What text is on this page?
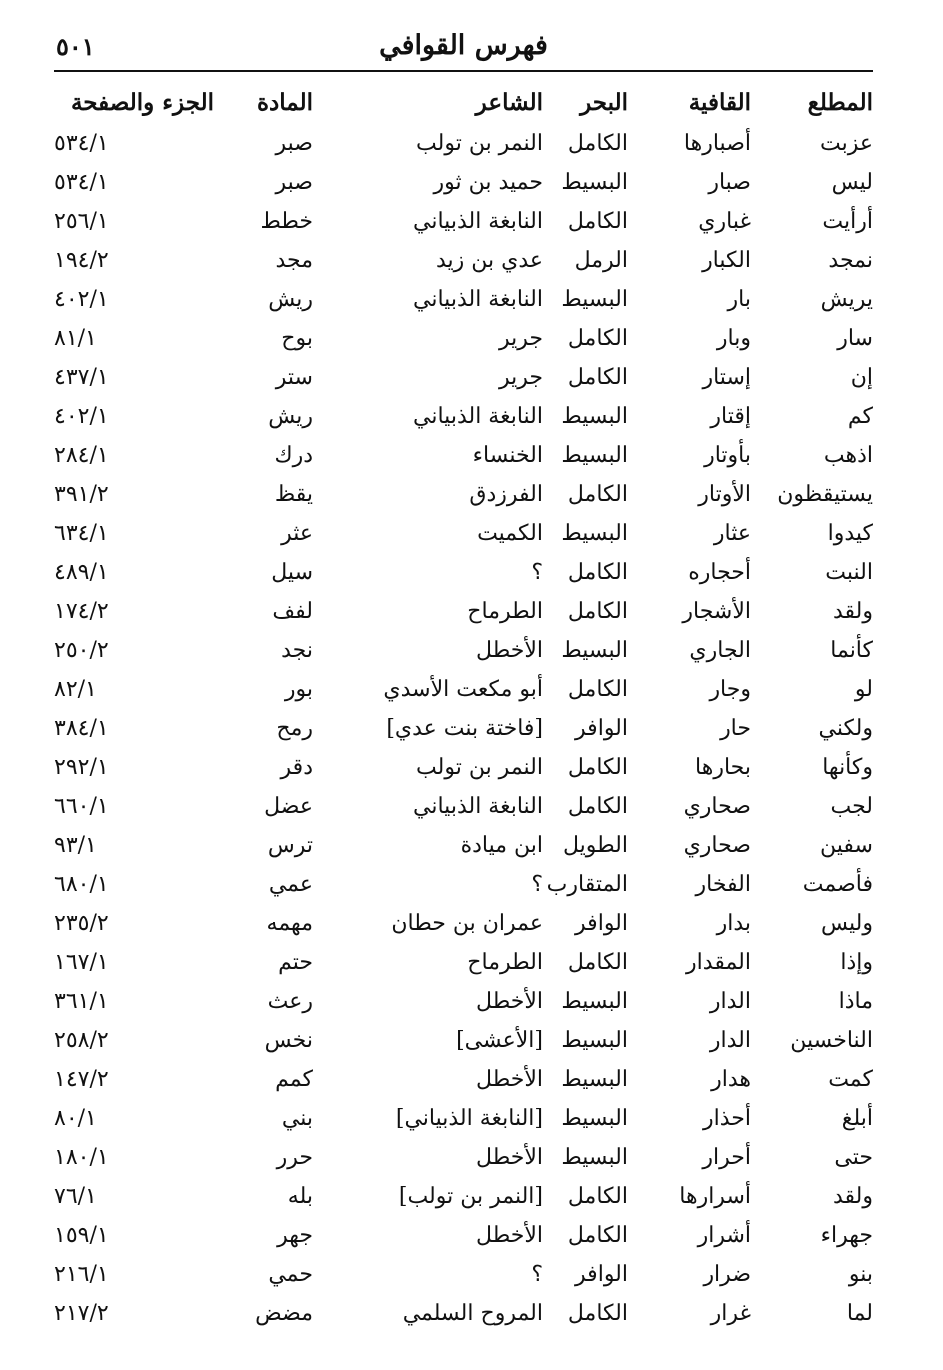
فهرس القوافي
٥٠١
المطلع
القافية
البحر
الشاعر
المادة
الجزء والصفحة
عزبت
أصبارها
الكامل
النمر بن تولب
صبر
٥٣٤/١
ليس
صبار
البسيط
حميد بن ثور
صبر
٥٣٤/١
أرأيت
غباري
الكامل
النابغة الذبياني
خطط
٢٥٦/١
نمجد
الكبار
الرمل
عدي بن زيد
مجد
١٩٤/٢
يريش
بار
البسيط
النابغة الذبياني
ريش
٤٠٢/١
سار
وبار
الكامل
جرير
بوح
٨١/١
إن
إستار
الكامل
جرير
ستر
٤٣٧/١
كم
إقتار
البسيط
النابغة الذبياني
ريش
٤٠٢/١
اذهب
بأوتار
البسيط
الخنساء
درك
٢٨٤/١
يستيقظون
الأوتار
الكامل
الفرزدق
يقظ
٣٩١/٢
كيدوا
عثار
البسيط
الكميت
عثر
٦٣٤/١
النبت
أحجاره
الكامل
؟
سيل
٤٨٩/١
ولقد
الأشجار
الكامل
الطرماح
لفف
١٧٤/٢
كأنما
الجاري
البسيط
الأخطل
نجد
٢٥٠/٢
لو
وجار
الكامل
أبو مكعت الأسدي
بور
٨٢/١
ولكني
حار
الوافر
[فاختة بنت عدي]
رمح
٣٨٤/١
وكأنها
بحارها
الكامل
النمر بن تولب
دقر
٢٩٢/١
لجب
صحاري
الكامل
النابغة الذبياني
عضل
٦٦٠/١
سفين
صحاري
الطويل
ابن ميادة
ترس
٩٣/١
فأصمت
الفخار
المتقارب
؟
عمي
٦٨٠/١
وليس
بدار
الوافر
عمران بن حطان
مهمه
٢٣٥/٢
وإذا
المقدار
الكامل
الطرماح
حتم
١٦٧/١
ماذا
الدار
البسيط
الأخطل
رعث
٣٦١/١
الناخسين
الدار
البسيط
[الأعشى]
نخس
٢٥٨/٢
كمت
هدار
البسيط
الأخطل
كمم
١٤٧/٢
أبلغ
أحذار
البسيط
[النابغة الذبياني]
بني
٨٠/١
حتى
أحرار
البسيط
الأخطل
حرر
١٨٠/١
ولقد
أسرارها
الكامل
[النمر بن تولب]
بله
٧٦/١
جهراء
أشرار
الكامل
الأخطل
جهر
١٥٩/١
بنو
ضرار
الوافر
؟
حمي
٢١٦/١
لما
غرار
الكامل
المروح السلمي
مضض
٢١٧/٢
